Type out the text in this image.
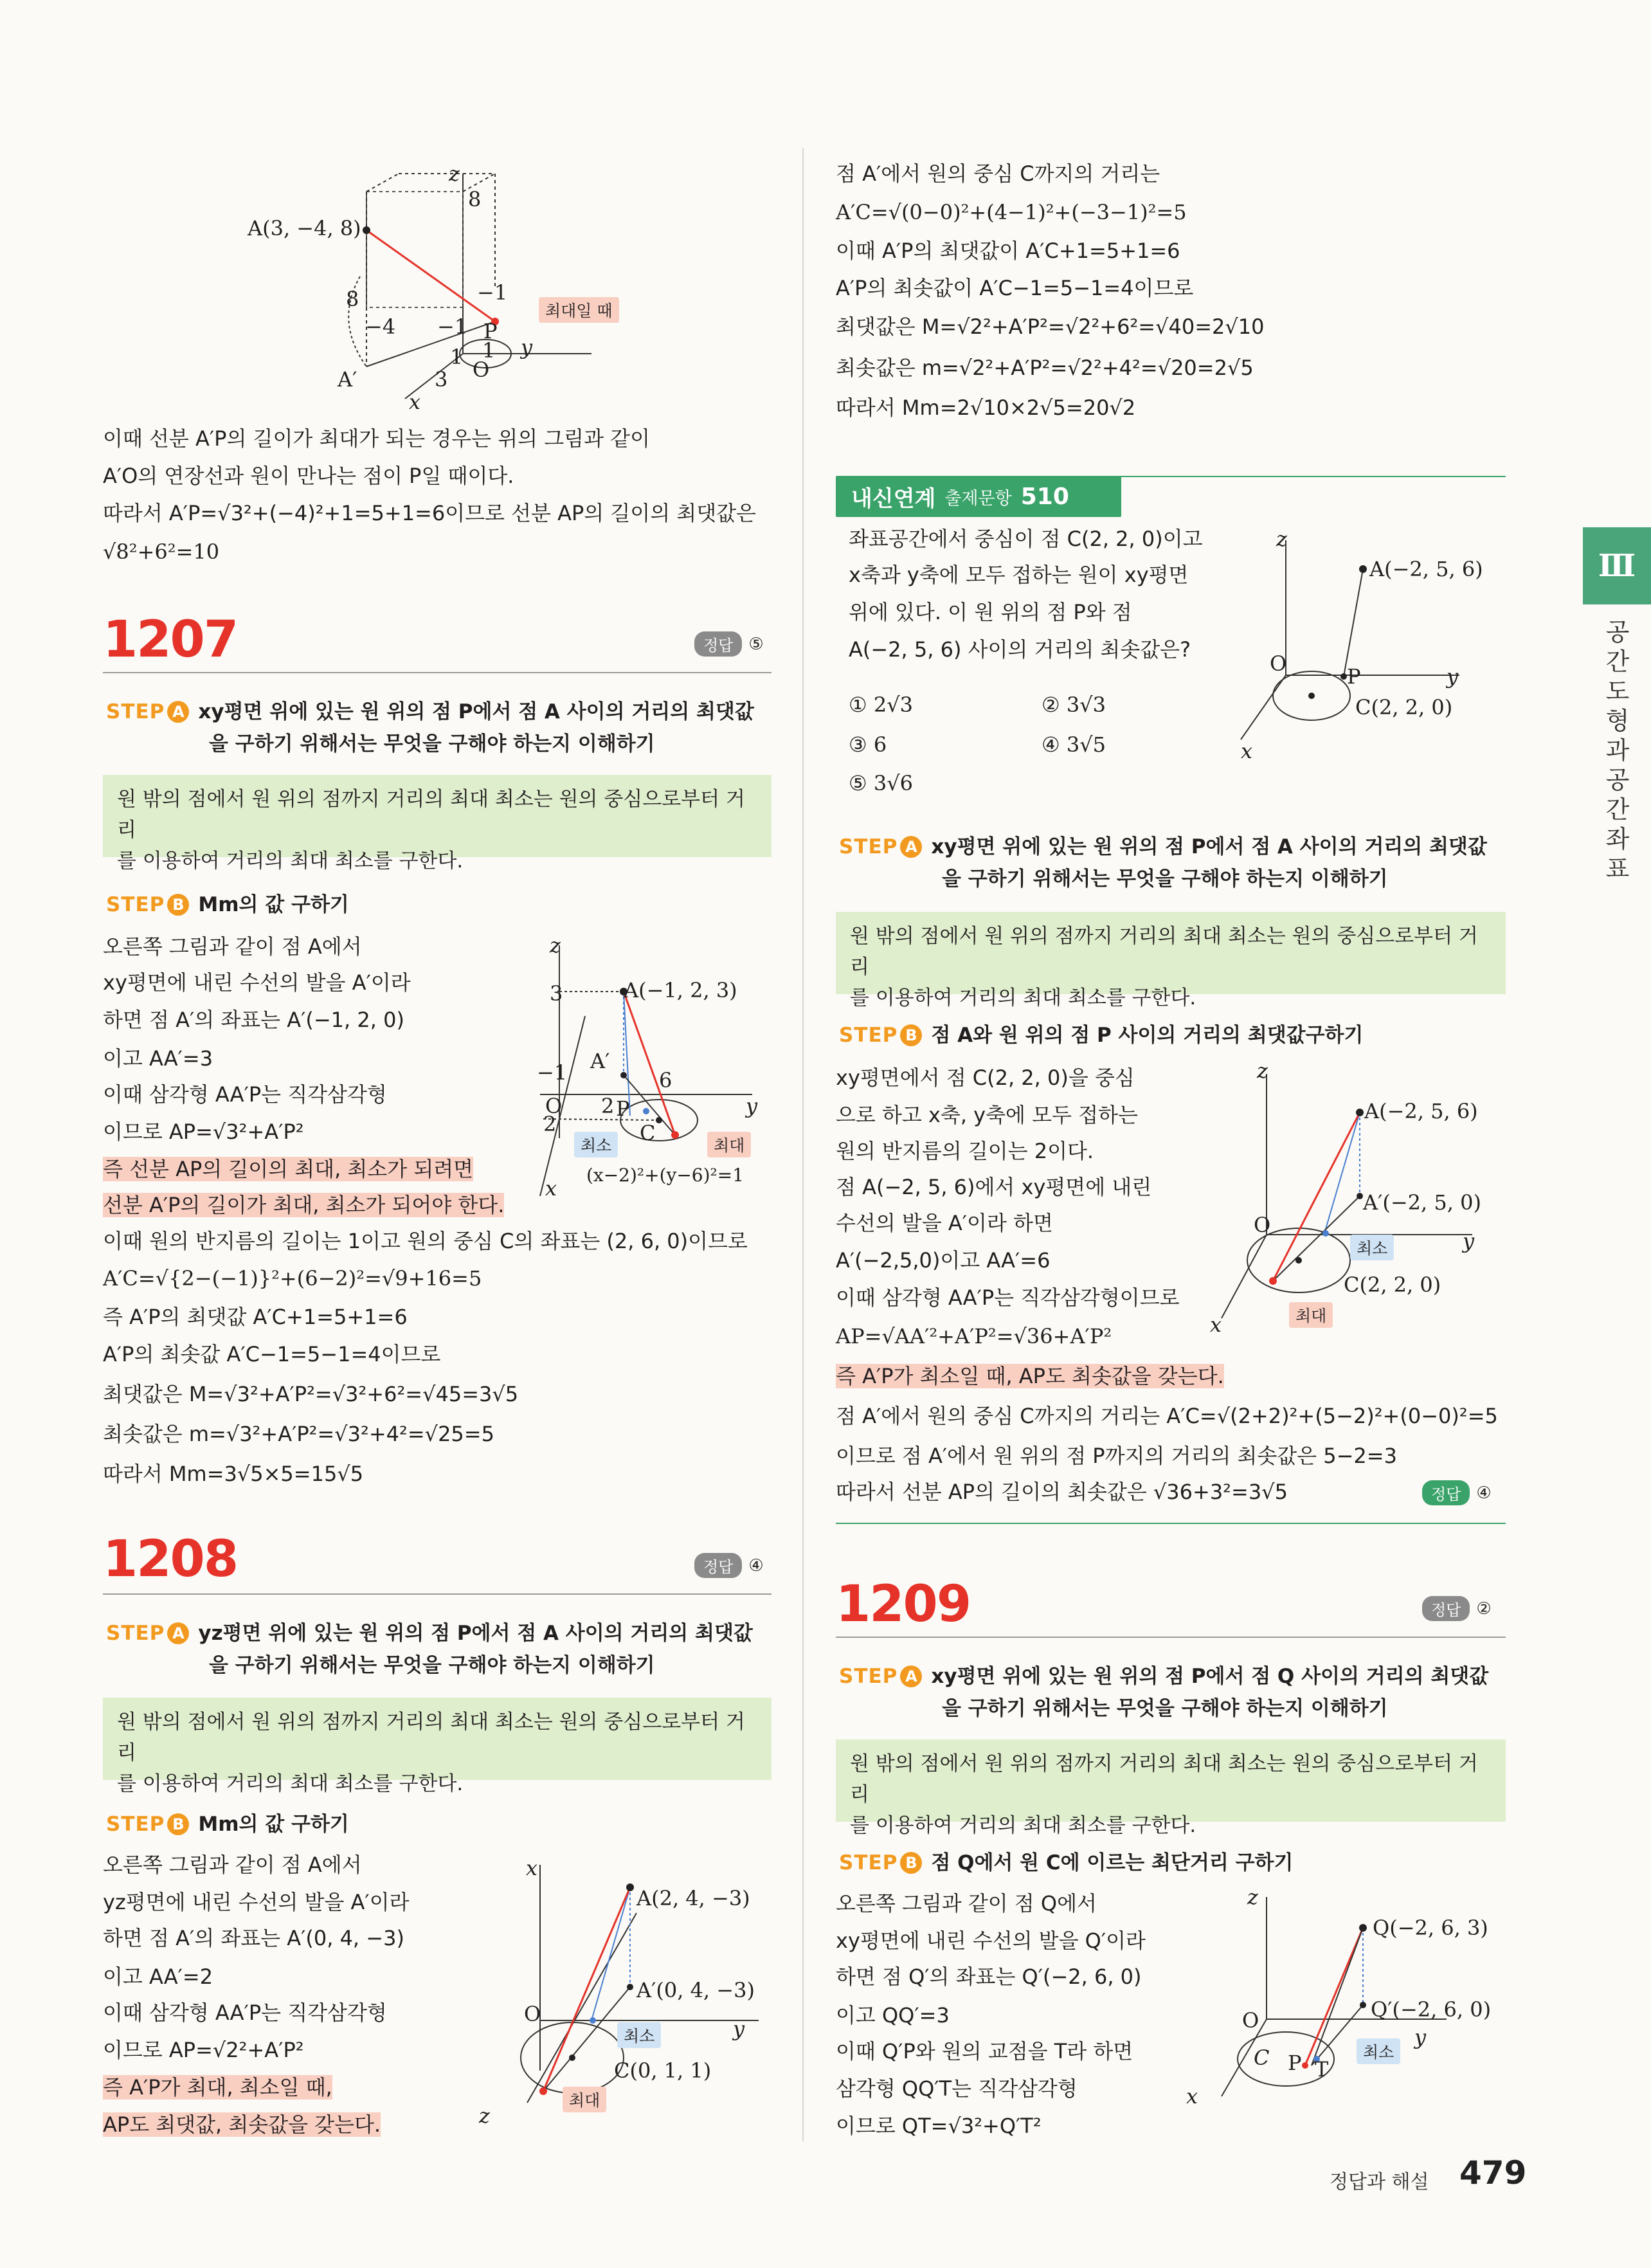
A(3, −4, 8)
z
8
8
−4 −1
−1
P
1
1	y
O
A′	3
x
최대일 때
이때 선분 A′P의 길이가 최대가 되는 경우는 위의 그림과 같이
A′O의 연장선과 원이 만나는 점이 P일 때이다.
따라서 A′P=√3²+(−4)²+1=5+1=6이므로 선분 AP의 길이의 최댓값은
√8²+6²=10
1207	정답 ⑤
STEP A xy평면 위에 있는 원 위의 점 P에서 점 A 사이의 거리의 최댓값
을 구하기 위해서는 무엇을 구해야 하는지 이해하기
원 밖의 점에서 원 위의 점까지 거리의 최대 최소는 원의 중심으로부터 거리
를 이용하여 거리의 최대 최소를 구한다.
STEP B Mm의 값 구하기
오른쪽 그림과 같이 점 A에서
xy평면에 내린 수선의 발을 A′이라
하면 점 A′의 좌표는 A′(−1, 2, 0)
이고 AA′=3
이때 삼각형 AA′P는 직각삼각형
이므로 AP=√3²+A′P²
즉 선분 AP의 길이의 최대, 최소가 되려면
선분 A′P의 길이가 최대, 최소가 되어야 한다.
이때 원의 반지름의 길이는 1이고 원의 중심 C의 좌표는 (2, 6, 0)이므로
A′C=√{2−(−1)}²+(6−2)²=√9+16=5
즉 A′P의 최댓값 A′C+1=5+1=6
A′P의 최솟값 A′C−1=5−1=4이므로
최댓값은 M=√3²+A′P²=√3²+6²=√45=3√5
최솟값은 m=√3²+A′P²=√3²+4²=√25=5
따라서 Mm=3√5×5=15√5
z
A(−1, 2, 3)
3
−1 A′
6
O
2
2 P
C
y
x
(x−2)²+(y−6)²=1
최소	최대
1208	정답 ④
STEP A yz평면 위에 있는 원 위의 점 P에서 점 A 사이의 거리의 최댓값
을 구하기 위해서는 무엇을 구해야 하는지 이해하기
원 밖의 점에서 원 위의 점까지 거리의 최대 최소는 원의 중심으로부터 거리
를 이용하여 거리의 최대 최소를 구한다.
STEP B Mm의 값 구하기
오른쪽 그림과 같이 점 A에서
yz평면에 내린 수선의 발을 A′이라
하면 점 A′의 좌표는 A′(0, 4, −3)
이고 AA′=2
이때 삼각형 AA′P는 직각삼각형
이므로 AP=√2²+A′P²
즉 A′P가 최대, 최소일 때,
AP도 최댓값, 최솟값을 갖는다.
x
A(2, 4, −3)
A′(0, 4, −3)
O
y
C(0, 1, 1)
z
최소
최대
점 A′에서 원의 중심 C까지의 거리는
A′C=√(0−0)²+(4−1)²+(−3−1)²=5
이때 A′P의 최댓값이 A′C+1=5+1=6
A′P의 최솟값이 A′C−1=5−1=4이므로
최댓값은 M=√2²+A′P²=√2²+6²=√40=2√10
최솟값은 m=√2²+A′P²=√2²+4²=√20=2√5
따라서 Mm=2√10×2√5=20√2
내신연계 출제문항 510
좌표공간에서 중심이 점 C(2, 2, 0)이고
x축과 y축에 모두 접하는 원이 xy평면
위에 있다. 이 원 위의 점 P와 점
A(−2, 5, 6) 사이의 거리의 최솟값은?
① 2√3	② 3√3
③ 6	④ 3√5
⑤ 3√6
z
A(−2, 5, 6)
O
P	y
C(2, 2, 0)
x
STEP A xy평면 위에 있는 원 위의 점 P에서 점 A 사이의 거리의 최댓값
을 구하기 위해서는 무엇을 구해야 하는지 이해하기
원 밖의 점에서 원 위의 점까지 거리의 최대 최소는 원의 중심으로부터 거리
를 이용하여 거리의 최대 최소를 구한다.
STEP B 점 A와 원 위의 점 P 사이의 거리의 최댓값구하기
xy평면에서 점 C(2, 2, 0)을 중심
으로 하고 x축, y축에 모두 접하는
원의 반지름의 길이는 2이다.
점 A(−2, 5, 6)에서 xy평면에 내린
수선의 발을 A′이라 하면
A′(−2,5,0)이고 AA′=6
이때 삼각형 AA′P는 직각삼각형이므로
AP=√AA′²+A′P²=√36+A′P²
즉 A′P가 최소일 때, AP도 최솟값을 갖는다.
점 A′에서 원의 중심 C까지의 거리는 A′C=√(2+2)²+(5−2)²+(0−0)²=5
이므로 점 A′에서 원 위의 점 P까지의 거리의 최솟값은 5−2=3
따라서 선분 AP의 길이의 최솟값은 √36+3²=3√5	정답 ④
z
A(−2, 5, 6)
A′(−2, 5, 0)
O
y
C(2, 2, 0)
x
최소
최대
1209	정답 ②
STEP A xy평면 위에 있는 원 위의 점 P에서 점 Q 사이의 거리의 최댓값
을 구하기 위해서는 무엇을 구해야 하는지 이해하기
원 밖의 점에서 원 위의 점까지 거리의 최대 최소는 원의 중심으로부터 거리
를 이용하여 거리의 최대 최소를 구한다.
STEP B 점 Q에서 원 C에 이르는 최단거리 구하기
오른쪽 그림과 같이 점 Q에서
xy평면에 내린 수선의 발을 Q′이라
하면 점 Q′의 좌표는 Q′(−2, 6, 0)
이고 QQ′=3
이때 Q′P와 원의 교점을 T라 하면
삼각형 QQ′T는 직각삼각형
이므로 QT=√3²+Q′T²
z
Q(−2, 6, 3)
O	Q′(−2, 6, 0)
y
C P T
x
최소
Ⅲ
공간도형과 공간좌표
정답과 해설 479
